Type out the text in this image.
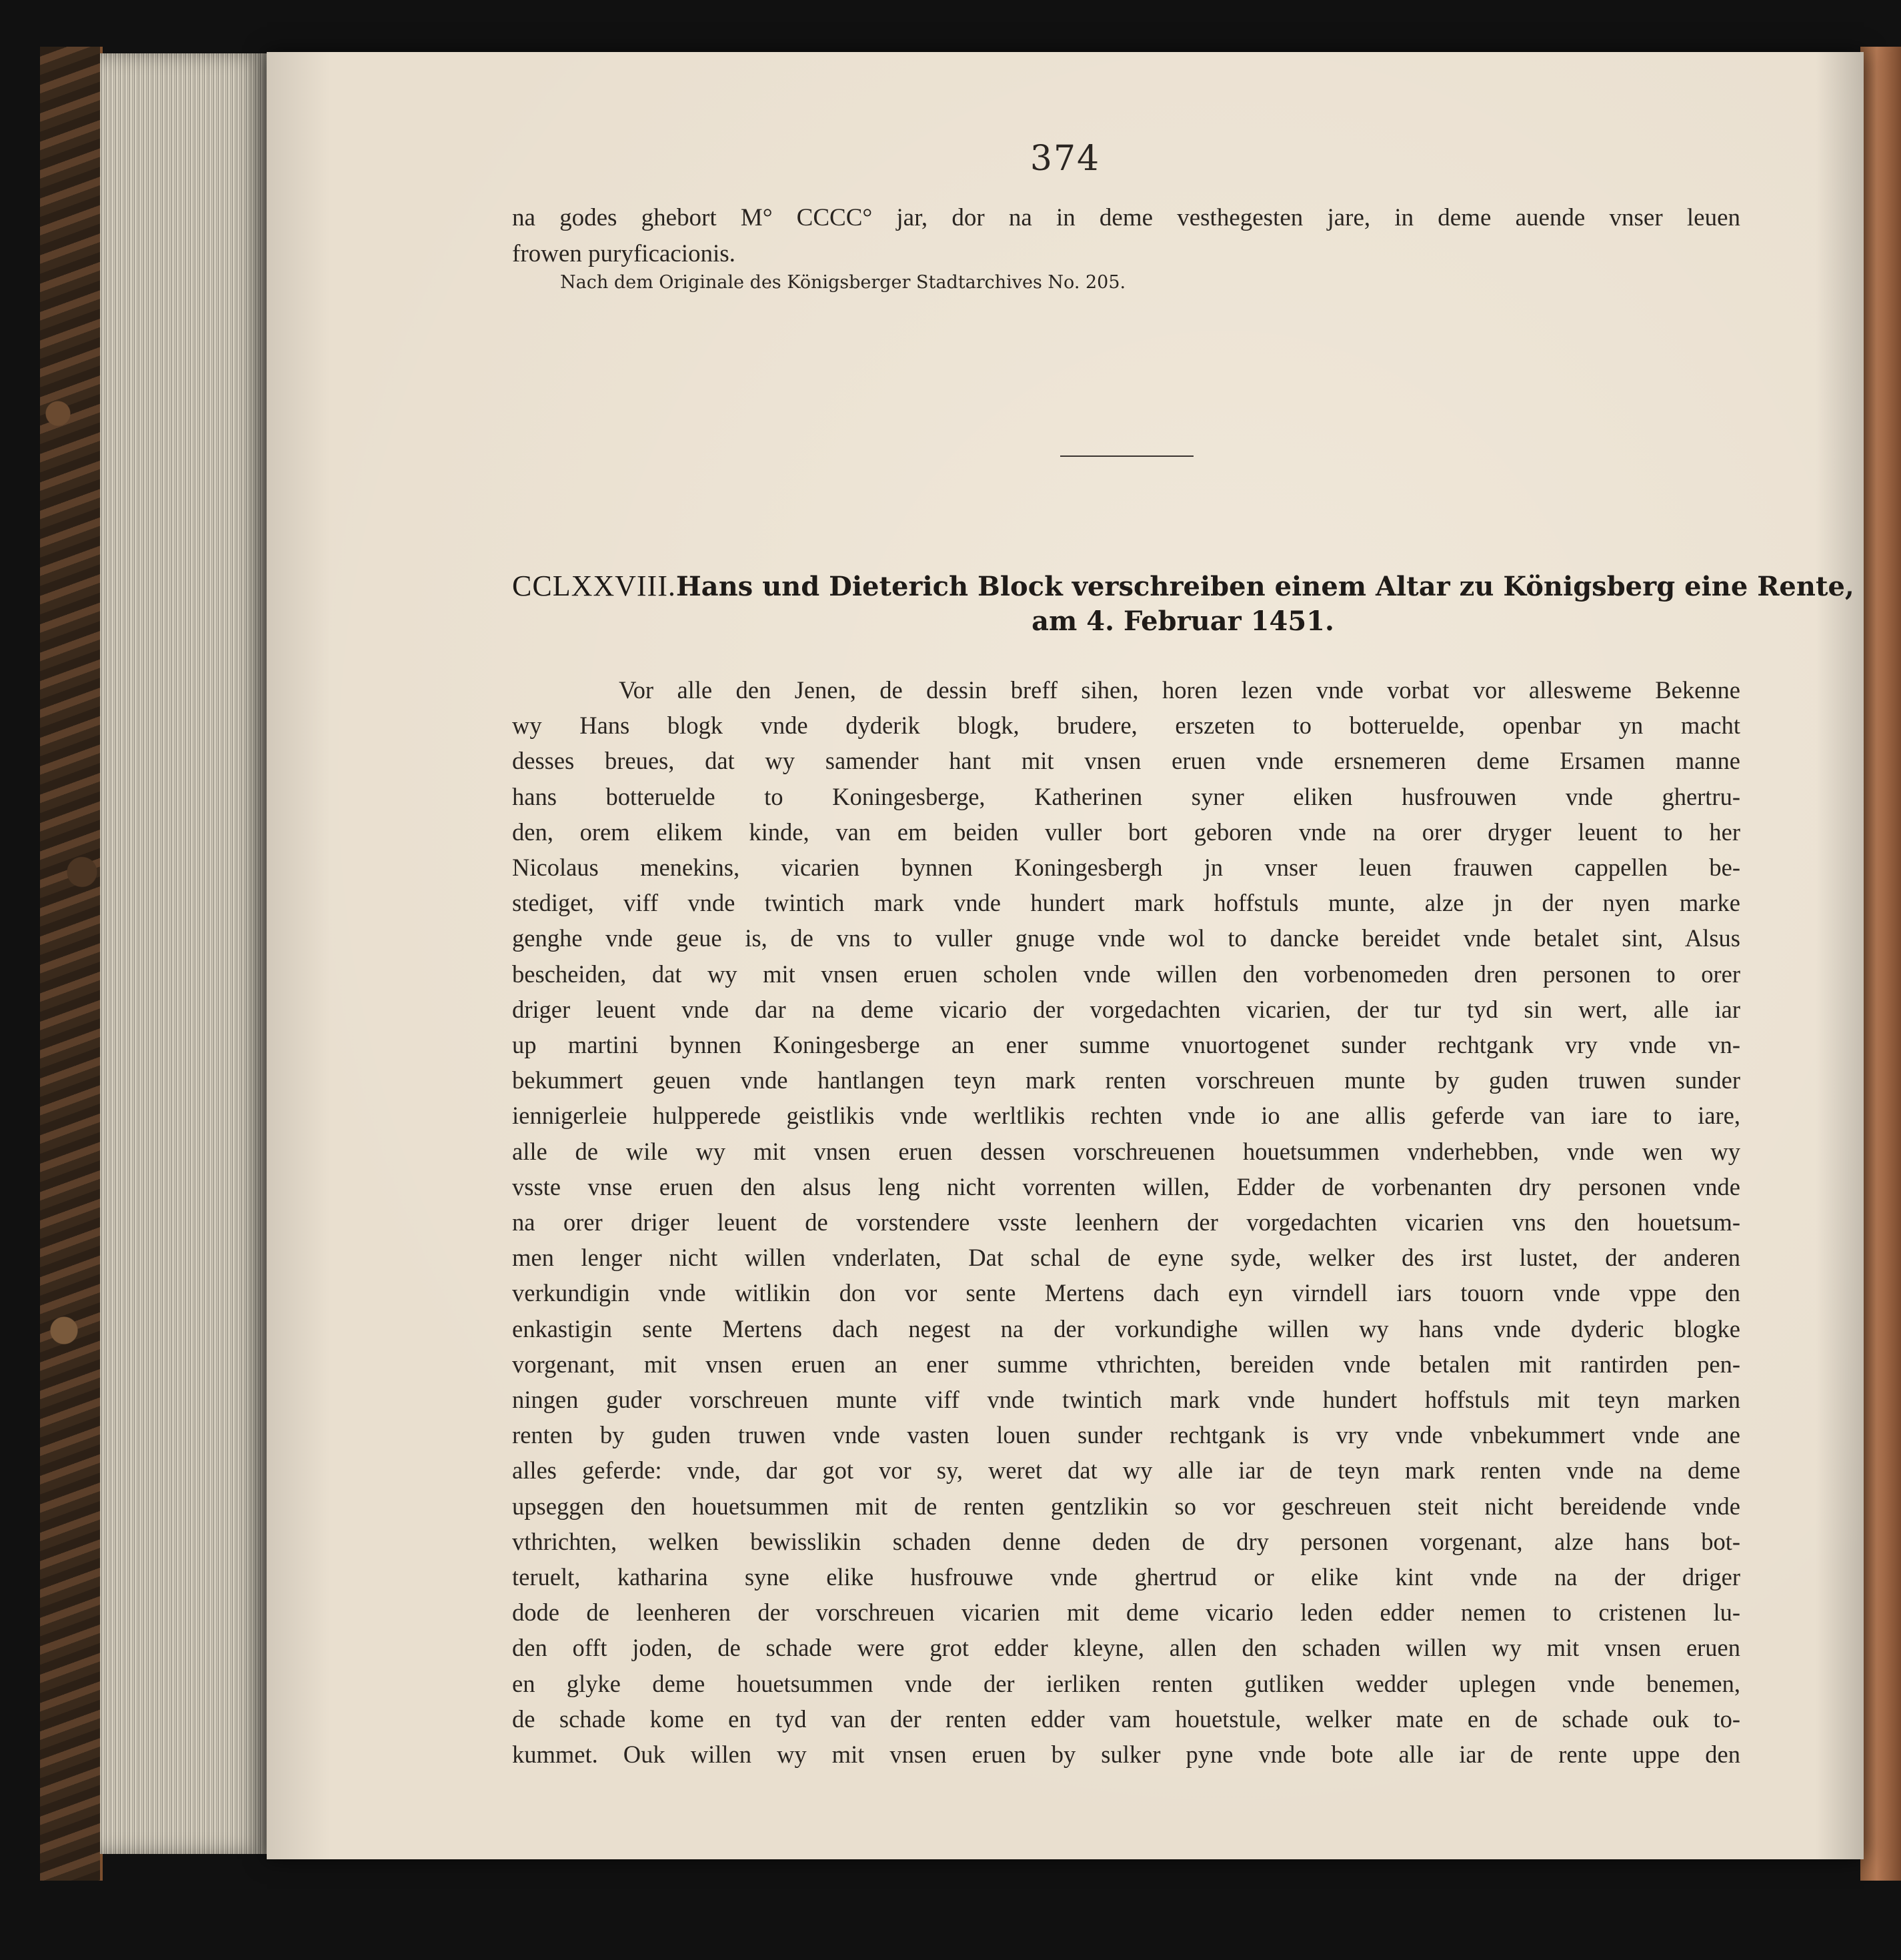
374
na godes ghebort M° CCCC° jar, dor na in deme vesthegesten jare, in deme auende vnser leuen
frowen puryficacionis.
Nach dem Originale des Königsberger Stadtarchives No. 205.
CCLXXVIII. Hans und Dieterich Block verschreiben einem Altar zu Königsberg eine Rente,
am 4. Februar 1451.
Vor alle den Jenen, de dessin breff sihen, horen lezen vnde vorbat vor allesweme Bekenne
wy Hans blogk vnde dyderik blogk, brudere, erszeten to botteruelde, openbar yn macht
desses breues, dat wy samender hant mit vnsen eruen vnde ersnemeren deme Ersamen manne
hans botteruelde to Koningesberge, Katherinen syner eliken husfrouwen vnde ghertru-
den, orem elikem kinde, van em beiden vuller bort geboren vnde na orer dryger leuent to her
Nicolaus menekins, vicarien bynnen Koningesbergh jn vnser leuen frauwen cappellen be-
stediget, viff vnde twintich mark vnde hundert mark hoffstuls munte, alze jn der nyen marke
genghe vnde geue is, de vns to vuller gnuge vnde wol to dancke bereidet vnde betalet sint, Alsus
bescheiden, dat wy mit vnsen eruen scholen vnde willen den vorbenomeden dren personen to orer
driger leuent vnde dar na deme vicario der vorgedachten vicarien, der tur tyd sin wert, alle iar
up martini bynnen Koningesberge an ener summe vnuortogenet sunder rechtgank vry vnde vn-
bekummert geuen vnde hantlangen teyn mark renten vorschreuen munte by guden truwen sunder
iennigerleie hulpperede geistlikis vnde werltlikis rechten vnde io ane allis geferde van iare to iare,
alle de wile wy mit vnsen eruen dessen vorschreuenen houetsummen vnderhebben, vnde wen wy
vsste vnse eruen den alsus leng nicht vorrenten willen, Edder de vorbenanten dry personen vnde
na orer driger leuent de vorstendere vsste leenhern der vorgedachten vicarien vns den houetsum-
men lenger nicht willen vnderlaten, Dat schal de eyne syde, welker des irst lustet, der anderen
verkundigin vnde witlikin don vor sente Mertens dach eyn virndell iars touorn vnde vppe den
enkastigin sente Mertens dach negest na der vorkundighe willen wy hans vnde dyderic blogke
vorgenant, mit vnsen eruen an ener summe vthrichten, bereiden vnde betalen mit rantirden pen-
ningen guder vorschreuen munte viff vnde twintich mark vnde hundert hoffstuls mit teyn marken
renten by guden truwen vnde vasten louen sunder rechtgank is vry vnde vnbekummert vnde ane
alles geferde: vnde, dar got vor sy, weret dat wy alle iar de teyn mark renten vnde na deme
upseggen den houetsummen mit de renten gentzlikin so vor geschreuen steit nicht bereidende vnde
vthrichten, welken bewisslikin schaden denne deden de dry personen vorgenant, alze hans bot-
teruelt, katharina syne elike husfrouwe vnde ghertrud or elike kint vnde na der driger
dode de leenheren der vorschreuen vicarien mit deme vicario leden edder nemen to cristenen lu-
den offt joden, de schade were grot edder kleyne, allen den schaden willen wy mit vnsen eruen
en glyke deme houetsummen vnde der ierliken renten gutliken wedder uplegen vnde benemen,
de schade kome en tyd van der renten edder vam houetstule, welker mate en de schade ouk to-
kummet. Ouk willen wy mit vnsen eruen by sulker pyne vnde bote alle iar de rente uppe den
